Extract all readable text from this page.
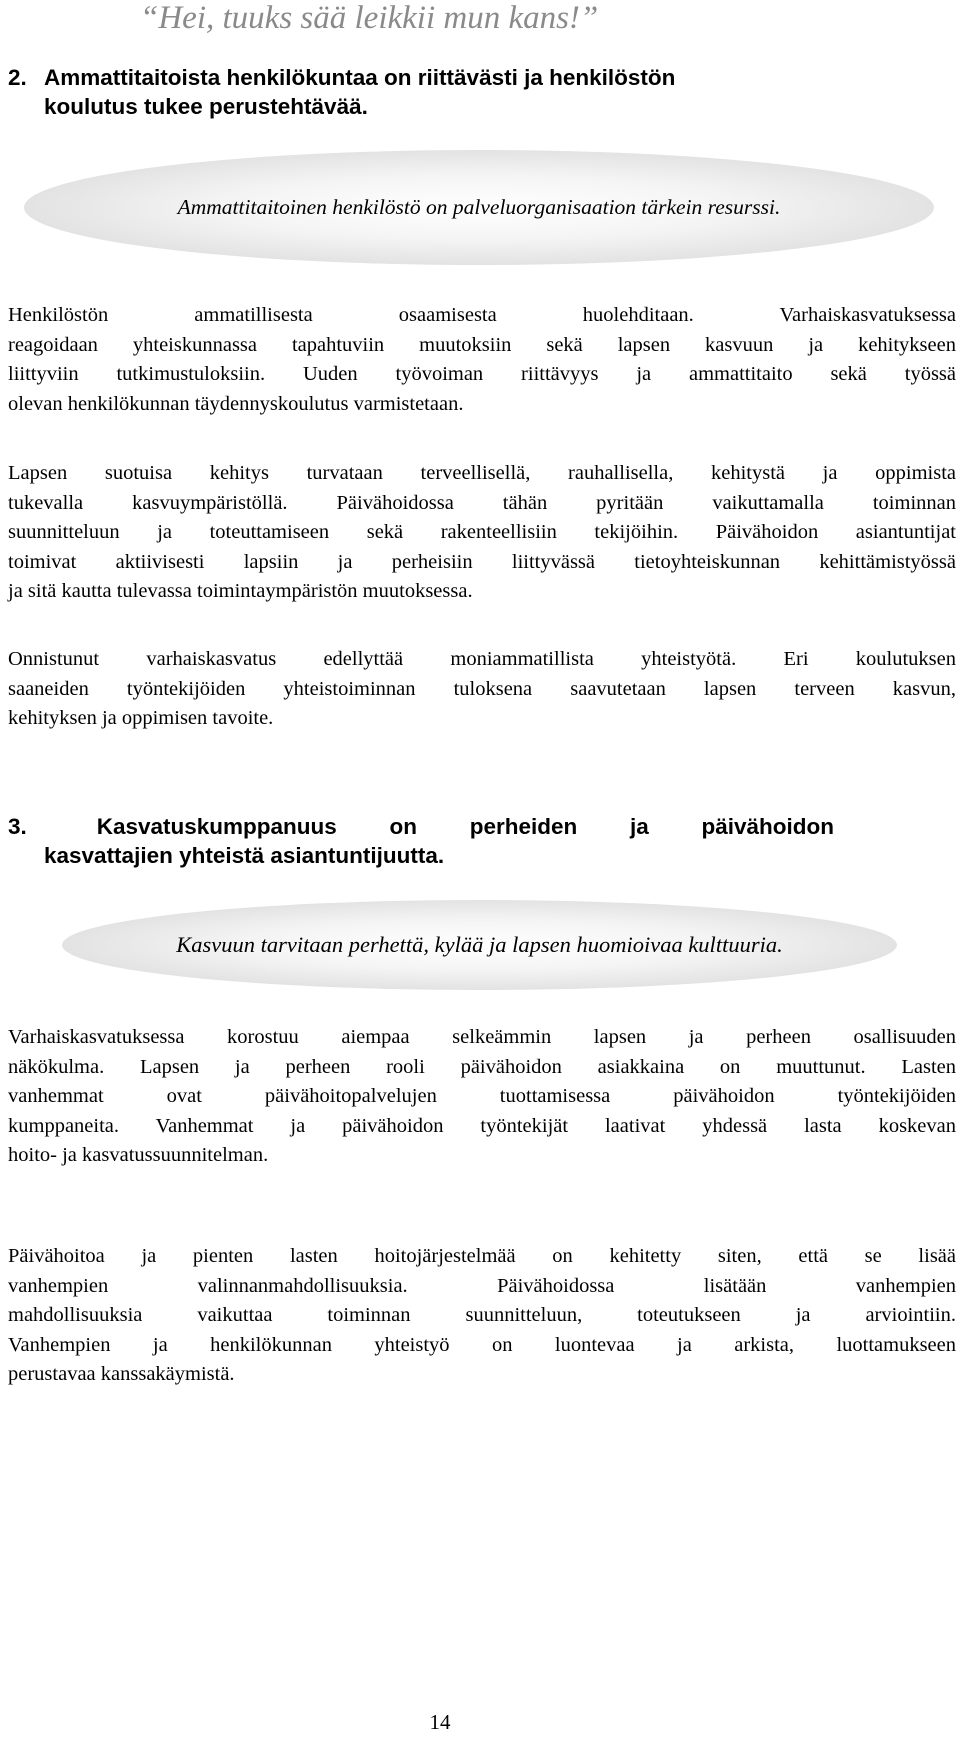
“Hei, tuuks sää leikkii mun kans!”
2. Ammattitaitoista henkilökuntaa on riittävästi ja henkilöstön
koulutus tukee perustehtävää.
Ammattitaitoinen henkilöstö on palveluorganisaation tärkein resurssi.
Henkilöstön ammatillisesta osaamisesta huolehditaan. Varhaiskasvatuksessa
reagoidaan yhteiskunnassa tapahtuviin muutoksiin sekä lapsen kasvuun ja kehitykseen
liittyviin tutkimustuloksiin. Uuden työvoiman riittävyys ja ammattitaito sekä työssä
olevan henkilökunnan täydennyskoulutus varmistetaan.
Lapsen suotuisa kehitys turvataan terveellisellä, rauhallisella, kehitystä ja oppimista
tukevalla kasvuympäristöllä. Päivähoidossa tähän pyritään vaikuttamalla toiminnan
suunnitteluun ja toteuttamiseen sekä rakenteellisiin tekijöihin. Päivähoidon asiantuntijat
toimivat aktiivisesti lapsiin ja perheisiin liittyvässä tietoyhteiskunnan kehittämistyössä
ja sitä kautta tulevassa toimintaympäristön muutoksessa.
Onnistunut varhaiskasvatus edellyttää moniammatillista yhteistyötä. Eri koulutuksen
saaneiden työntekijöiden yhteistoiminnan tuloksena saavutetaan lapsen terveen kasvun,
kehityksen ja oppimisen tavoite.
3.	Kasvatuskumppanuus on perheiden ja päivähoidon
kasvattajien yhteistä asiantuntijuutta.
Kasvuun tarvitaan perhettä, kylää ja lapsen huomioivaa kulttuuria.
Varhaiskasvatuksessa korostuu aiempaa selkeämmin lapsen ja perheen osallisuuden
näkökulma. Lapsen ja perheen rooli päivähoidon asiakkaina on muuttunut. Lasten
vanhemmat ovat päivähoitopalvelujen tuottamisessa päivähoidon työntekijöiden
kumppaneita. Vanhemmat ja päivähoidon työntekijät laativat yhdessä lasta koskevan
hoito- ja kasvatussuunnitelman.
Päivähoitoa ja pienten lasten hoitojärjestelmää on kehitetty siten, että se lisää
vanhempien valinnanmahdollisuuksia. Päivähoidossa lisätään vanhempien
mahdollisuuksia vaikuttaa toiminnan suunnitteluun, toteutukseen ja arviointiin.
Vanhempien ja henkilökunnan yhteistyö on luontevaa ja arkista, luottamukseen
perustavaa kanssakäymistä.
14
